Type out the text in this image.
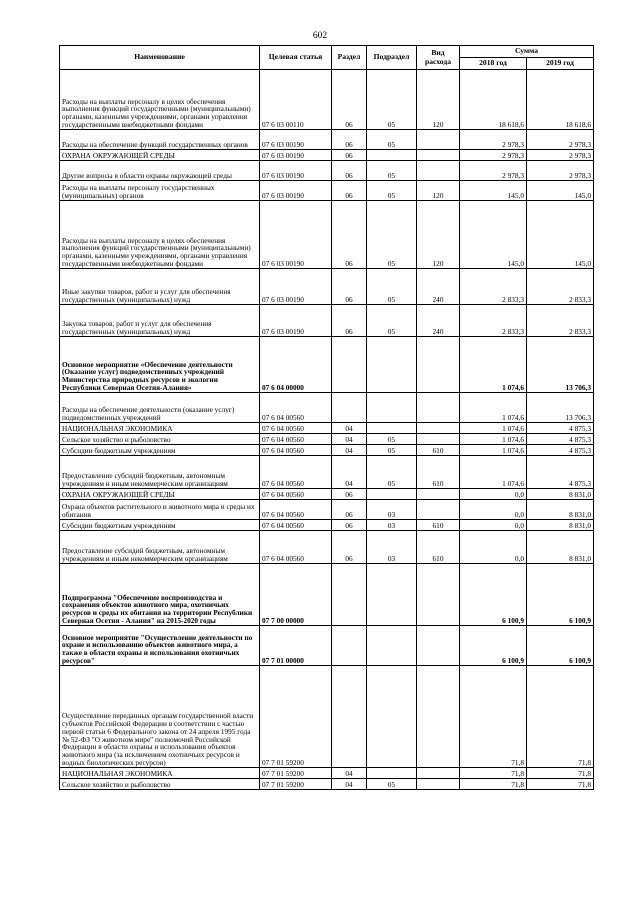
602
Наименование	Целевая статья	Раздел	Подраздел	Вид расхода	Сумма	
					2018 год	2019 год
Расходы на выплаты персоналу в целях обеспечения выполнения функций государственными (муниципальными) органами, казенными учреждениями, органами управления государственными внебюджетными фондами	07 6 03 00110	06	05	120	18 618,6	18 618,6
Расходы на обеспечение функций государственных органов	07 6 03 00190	06	05		2 978,3	2 978,3
ОХРАНА ОКРУЖАЮЩЕЙ СРЕДЫ	07 6 03 00190	06			2 978,3	2 978,3
Другие вопросы в области охраны окружающей среды	07 6 03 00190	06	05		2 978,3	2 978,3
Расходы на выплаты персоналу государственных (муниципальных) органов	07 6 03 00190	06	05	120	145,0	145,0
Расходы на выплаты персоналу в целях обеспечения выполнения функций государственными (муниципальными) органами, казенными учреждениями, органами управления государственными внебюджетными фондами	07 6 03 00190	06	05	120	145,0	145,0
Иные закупки товаров, работ и услуг для обеспечения государственных (муниципальных) нужд	07 6 03 00190	06	05	240	2 833,3	2 833,3
Закупка товаров, работ и услуг для обеспечения государственных (муниципальных) нужд	07 6 03 00190	06	05	240	2 833,3	2 833,3
Основное мероприятие «Обеспечение деятельности (Оказание услуг) подведомственных учреждений Министерства природных ресурсов и экологии Республики Северная Осетия-Алания»	07 6 04 00000				1 074,6	13 706,3
Расходы на обеспечение деятельности (оказание услуг) подведомственных учреждений	07 6 04 00560				1 074,6	13 706,3
НАЦИОНАЛЬНАЯ ЭКОНОМИКА	07 6 04 00560	04			1 074,6	4 875,3
Сельское хозяйство и рыболовство	07 6 04 00560	04	05		1 074,6	4 875,3
Субсидии бюджетным учреждениям	07 6 04 00560	04	05	610	1 074,6	4 875,3
Предоставление субсидий бюджетным, автономным учреждениям и иным некоммерческим организациям	07 6 04 00560	04	05	610	1 074,6	4 875,3
ОХРАНА ОКРУЖАЮЩЕЙ СРЕДЫ	07 6 04 00560	06			0,0	8 831,0
Охрана объектов растительного и животного мира и среды их обитания	07 6 04 00560	06	03		0,0	8 831,0
Субсидии бюджетным учреждениям	07 6 04 00560	06	03	610	0,0	8 831,0
Предоставление субсидий бюджетным, автономным учреждениям и иным некоммерческим организациям	07 6 04 00560	06	03	610	0,0	8 831,0
Подпрограмма "Обеспечение воспроизводства и сохранения объектов животного мира, охотничьих ресурсов и среды их обитания на территории Республики Северная Осетия - Алания" на 2015-2020 годы	07 7 00 00000				6 100,9	6 100,9
Основное мероприятие "Осуществление деятельности по охране и использованию объектов животного мира, а также в области охраны и использования охотничьих ресурсов"	07 7 01 00000				6 100,9	6 100,9
Осуществление переданных органам государственной власти субъектов Российской Федерации в соответствии с частью первой статьи 6 Федерального закона от 24 апреля 1995 года № 52-ФЗ "О животном мире" полномочий Российской Федерации в области охраны и использования объектов животного мира (за исключением охотничьих ресурсов и водных биологических ресурсов)	07 7 01 59200				71,8	71,8
НАЦИОНАЛЬНАЯ ЭКОНОМИКА	07 7 01 59200	04			71,8	71,8
Сельское хозяйство и рыболовство	07 7 01 59200	04	05		71,8	71,8
